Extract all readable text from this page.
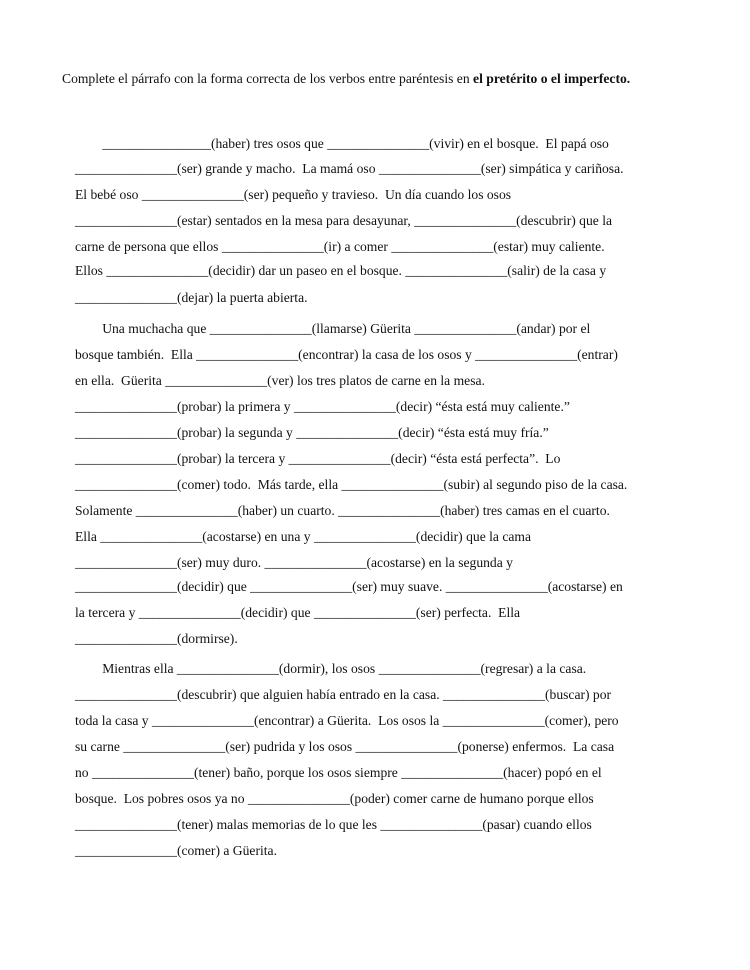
Complete el párrafo con la forma correcta de los verbos entre paréntesis en el pretérito o el imperfecto.
________________(haber) tres osos que _______________(vivir) en el bosque.  El papá oso
_______________(ser) grande y macho.  La mamá oso _______________(ser) simpática y cariñosa.
El bebé oso _______________(ser) pequeño y travieso.  Un día cuando los osos
_______________(estar) sentados en la mesa para desayunar, _______________(descubrir) que la
carne de persona que ellos _______________(ir) a comer _______________(estar) muy caliente.
Ellos _______________(decidir) dar un paseo en el bosque. _______________(salir) de la casa y
_______________(dejar) la puerta abierta.
Una muchacha que _______________(llamarse) Güerita _______________(andar) por el
bosque también.  Ella _______________(encontrar) la casa de los osos y _______________(entrar)
en ella.  Güerita _______________(ver) los tres platos de carne en la mesa.
_______________(probar) la primera y _______________(decir) “ésta está muy caliente.”
_______________(probar) la segunda y _______________(decir) “ésta está muy fría.”
_______________(probar) la tercera y _______________(decir) “ésta está perfecta”.  Lo
_______________(comer) todo.  Más tarde, ella _______________(subir) al segundo piso de la casa.
Solamente _______________(haber) un cuarto. _______________(haber) tres camas en el cuarto.
Ella _______________(acostarse) en una y _______________(decidir) que la cama
_______________(ser) muy duro. _______________(acostarse) en la segunda y
_______________(decidir) que _______________(ser) muy suave. _______________(acostarse) en
la tercera y _______________(decidir) que _______________(ser) perfecta.  Ella
_______________(dormirse).
Mientras ella _______________(dormir), los osos _______________(regresar) a la casa.
_______________(descubrir) que alguien había entrado en la casa. _______________(buscar) por
toda la casa y _______________(encontrar) a Güerita.  Los osos la _______________(comer), pero
su carne _______________(ser) pudrida y los osos _______________(ponerse) enfermos.  La casa
no _______________(tener) baño, porque los osos siempre _______________(hacer) popó en el
bosque.  Los pobres osos ya no _______________(poder) comer carne de humano porque ellos
_______________(tener) malas memorias de lo que les _______________(pasar) cuando ellos
_______________(comer) a Güerita.
